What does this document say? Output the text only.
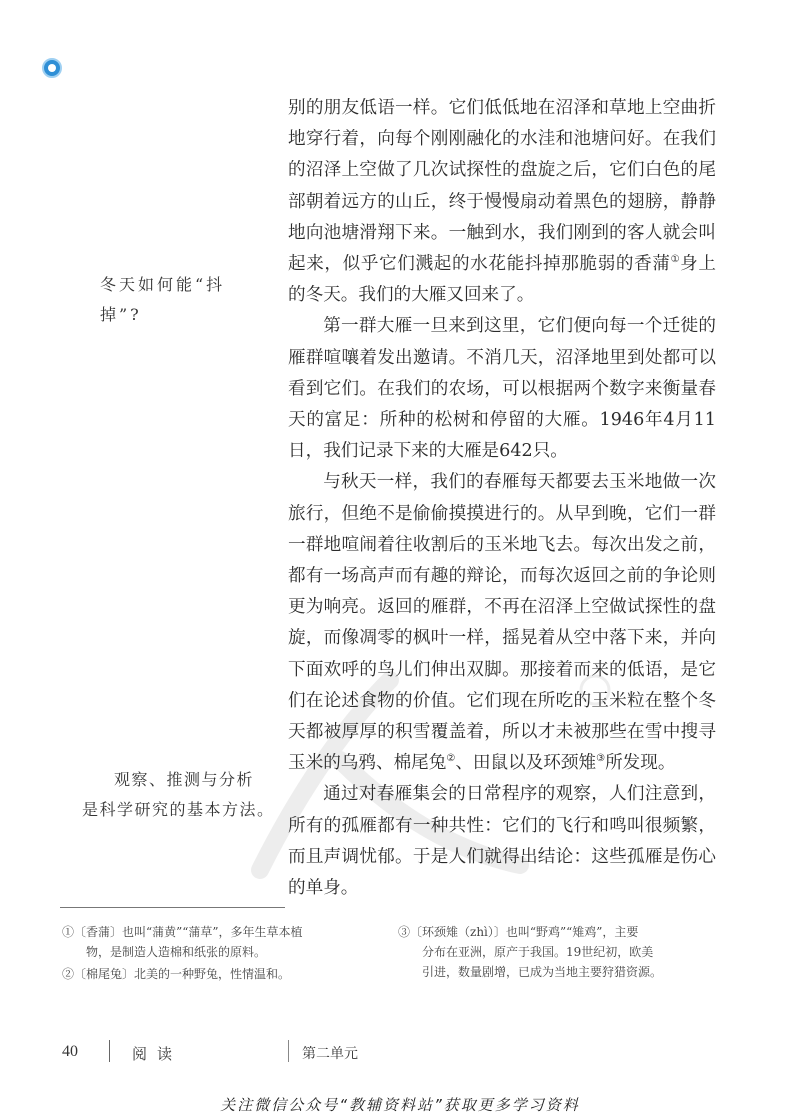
别的朋友低语一样。它们低低地在沼泽和草地上空曲折地穿行着，向每个刚刚融化的水洼和池塘问好。在我们的沼泽上空做了几次试探性的盘旋之后，它们白色的尾部朝着远方的山丘，终于慢慢扇动着黑色的翅膀，静静地向池塘滑翔下来。一触到水，我们刚到的客人就会叫起来，似乎它们溅起的水花能抖掉那脆弱的香蒲①身上的冬天。我们的大雁又回来了。

第一群大雁一旦来到这里，它们便向每一个迁徙的雁群喧嚷着发出邀请。不消几天，沼泽地里到处都可以看到它们。在我们的农场，可以根据两个数字来衡量春天的富足：所种的松树和停留的大雁。1946年4月11日，我们记录下来的大雁是642只。

与秋天一样，我们的春雁每天都要去玉米地做一次旅行，但绝不是偷偷摸摸进行的。从早到晚，它们一群一群地喧闹着往收割后的玉米地飞去。每次出发之前，都有一场高声而有趣的辩论，而每次返回之前的争论则更为响亮。返回的雁群，不再在沼泽上空做试探性的盘旋，而像凋零的枫叶一样，摇晃着从空中落下来，并向下面欢呼的鸟儿们伸出双脚。那接着而来的低语，是它们在论述食物的价值。它们现在所吃的玉米粒在整个冬天都被厚厚的积雪覆盖着，所以才未被那些在雪中搜寻玉米的乌鸦、棉尾兔②、田鼠以及环颈雉③所发现。

通过对春雁集会的日常程序的观察，人们注意到，所有的孤雁都有一种共性：它们的飞行和鸣叫很频繁，而且声调忧郁。于是人们就得出结论：这些孤雁是伤心的单身。

冬天如何能“抖
掉”?
观察、推测与分析
是科学研究的基本方法。
①〔香蒲〕也叫“蒲黄”“蒲草”，多年生草本植
物，是制造人造棉和纸张的原料。
②〔棉尾兔〕北美的一种野兔，性情温和。
③〔环颈雉（zhì）〕也叫“野鸡”“雉鸡”，主要
分布在亚洲，原产于我国。19世纪初，欧美
引进，数量剧增，已成为当地主要狩猎资源。
40	阅读	第二单元
关注微信公众号“教辅资料站”获取更多学习资料
